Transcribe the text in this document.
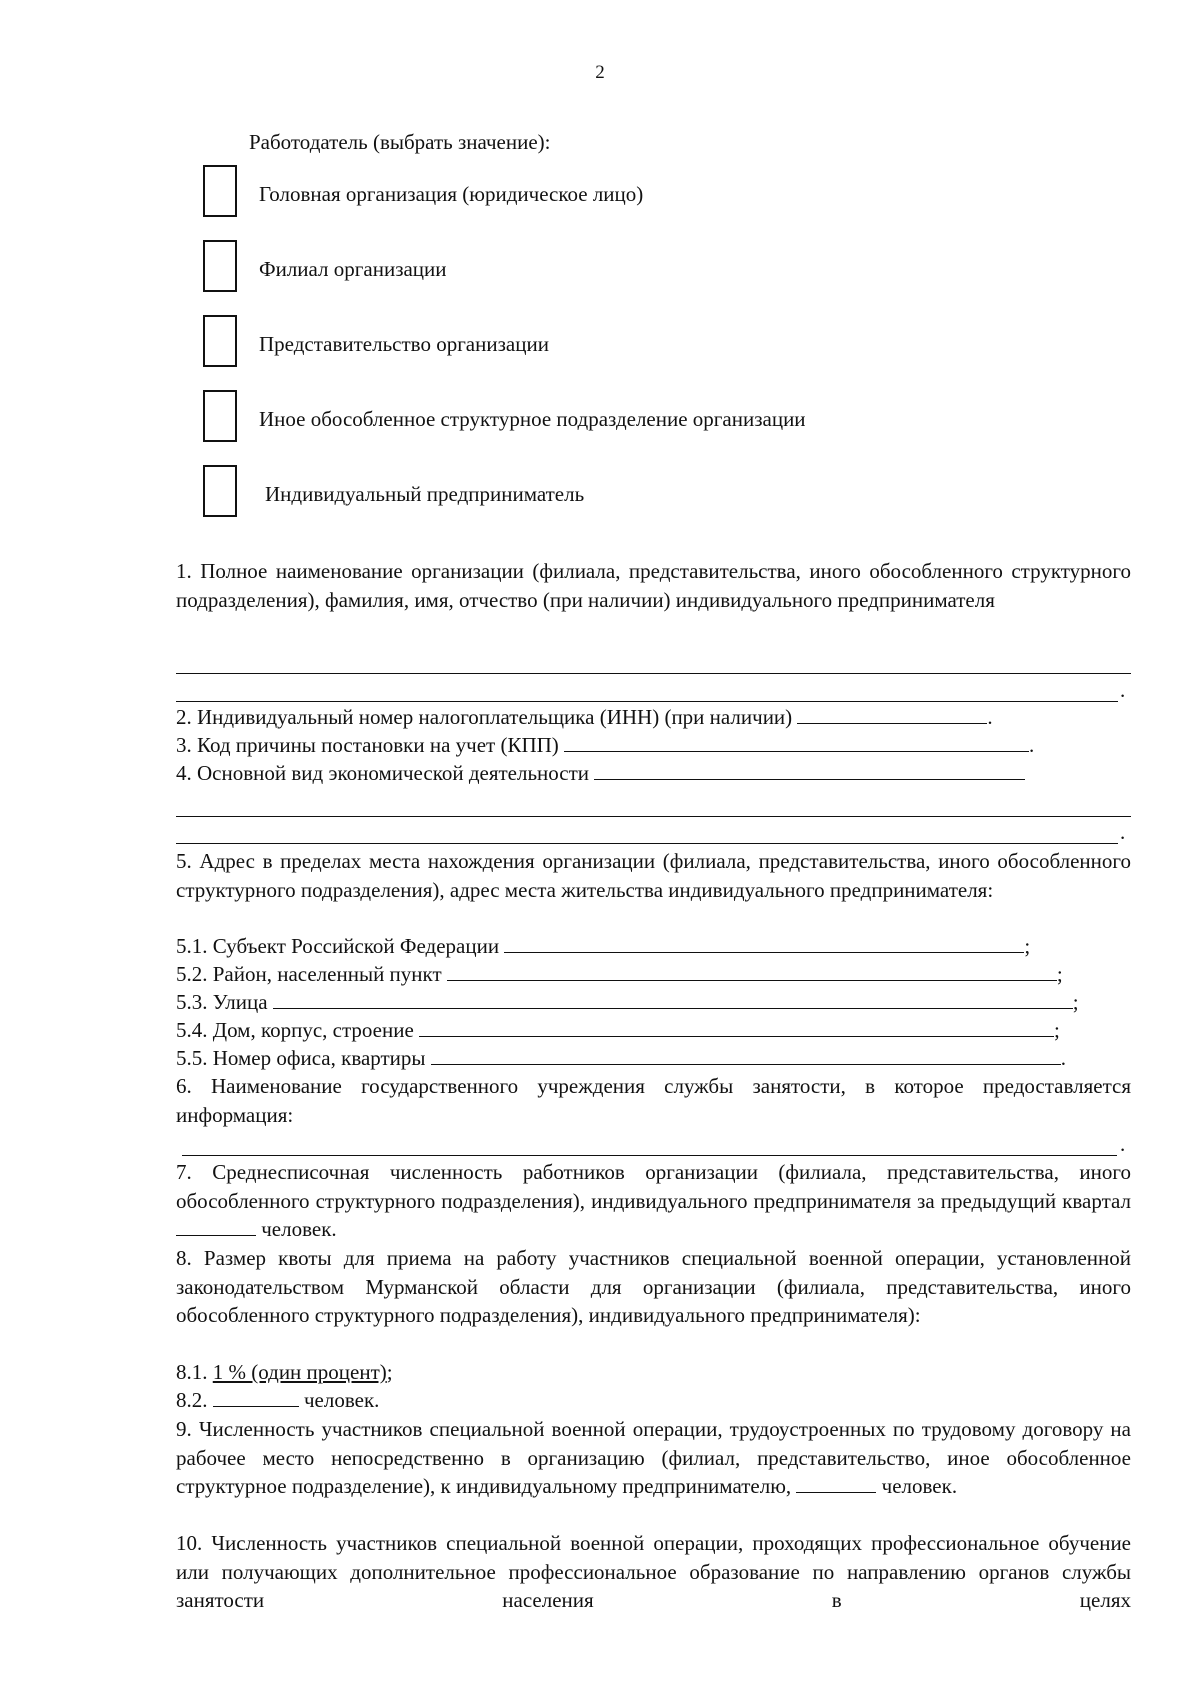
2
Работодатель (выбрать значение):
Головная организация (юридическое лицо)
Филиал организации
Представительство организации
Иное обособленное структурное подразделение организации
Индивидуальный предприниматель
1. Полное наименование организации (филиала, представительства, иного обособленного структурного подразделения), фамилия, имя, отчество (при наличии) индивидуального предпринимателя
.
2. Индивидуальный номер налогоплательщика (ИНН) (при наличии)	.
3. Код причины постановки на учет (КПП)	.
4. Основной вид экономической деятельности
.
5. Адрес в пределах места нахождения организации (филиала, представительства, иного обособленного структурного подразделения), адрес места жительства индивидуального предпринимателя:
5.1. Субъект Российской Федерации	;
5.2. Район, населенный пункт	;
5.3. Улица	;
5.4. Дом, корпус, строение	;
5.5. Номер офиса, квартиры	.
6. Наименование государственного учреждения службы занятости, в которое предоставляется информация:
.
7. Среднесписочная численность работников организации (филиала, представительства, иного обособленного структурного подразделения), индивидуального предпринимателя за предыдущий квартал  человек.
8. Размер квоты для приема на работу участников специальной военной операции, установленной законодательством Мурманской области для организации (филиала, представительства, иного обособленного структурного подразделения), индивидуального предпринимателя):
8.1. 1 % (один процент);
8.2.	человек.
9. Численность участников специальной военной операции, трудоустроенных по трудовому договору на рабочее место непосредственно в организацию (филиал, представительство, иное обособленное структурное подразделение), к индивидуальному предпринимателю,	человек.
10. Численность участников специальной военной операции, проходящих профессиональное обучение или получающих дополнительное профессиональное образование по направлению органов службы занятости населения в целях
